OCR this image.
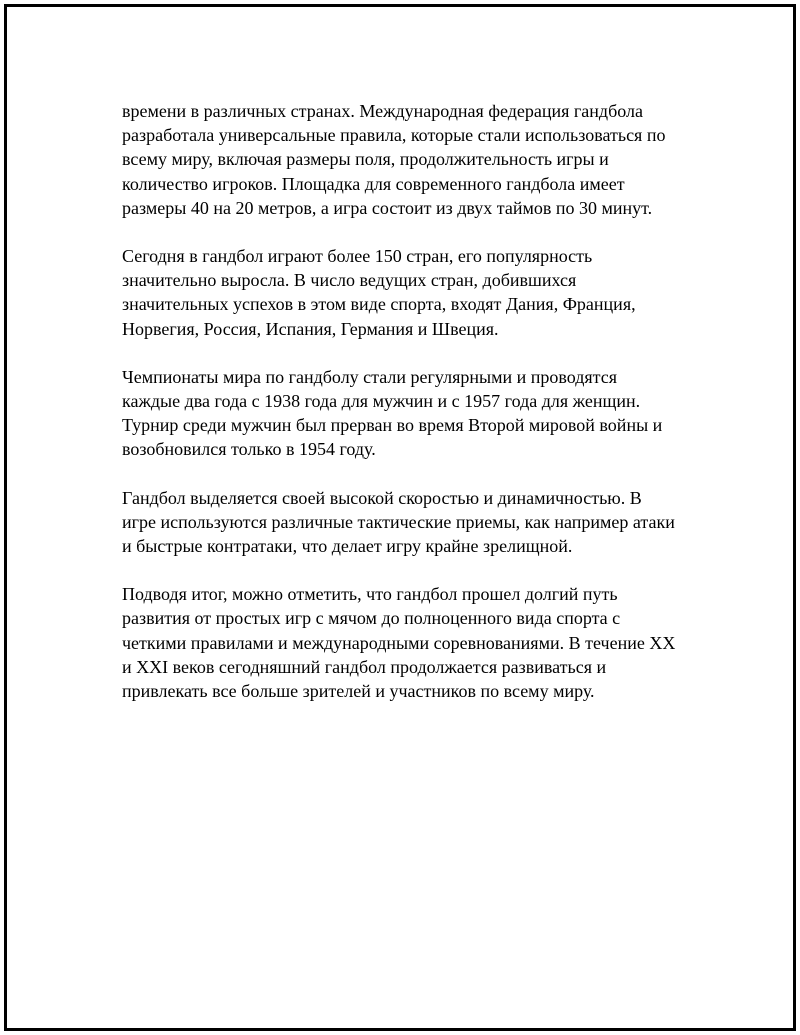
времени в различных странах. Международная федерация гандбола
разработала универсальные правила, которые стали использоваться по
всему миру, включая размеры поля, продолжительность игры и
количество игроков. Площадка для современного гандбола имеет
размеры 40 на 20 метров, а игра состоит из двух таймов по 30 минут.

Сегодня в гандбол играют более 150 стран, его популярность
значительно выросла. В число ведущих стран, добившихся
значительных успехов в этом виде спорта, входят Дания, Франция,
Норвегия, Россия, Испания, Германия и Швеция.

Чемпионаты мира по гандболу стали регулярными и проводятся
каждые два года с 1938 года для мужчин и с 1957 года для женщин.
Турнир среди мужчин был прерван во время Второй мировой войны и
возобновился только в 1954 году.

Гандбол выделяется своей высокой скоростью и динамичностью. В
игре используются различные тактические приемы, как например атаки
и быстрые контратаки, что делает игру крайне зрелищной.

Подводя итог, можно отметить, что гандбол прошел долгий путь
развития от простых игр с мячом до полноценного вида спорта с
четкими правилами и международными соревнованиями. В течение XX
и XXI веков сегодняшний гандбол продолжается развиваться и
привлекать все больше зрителей и участников по всему миру.
